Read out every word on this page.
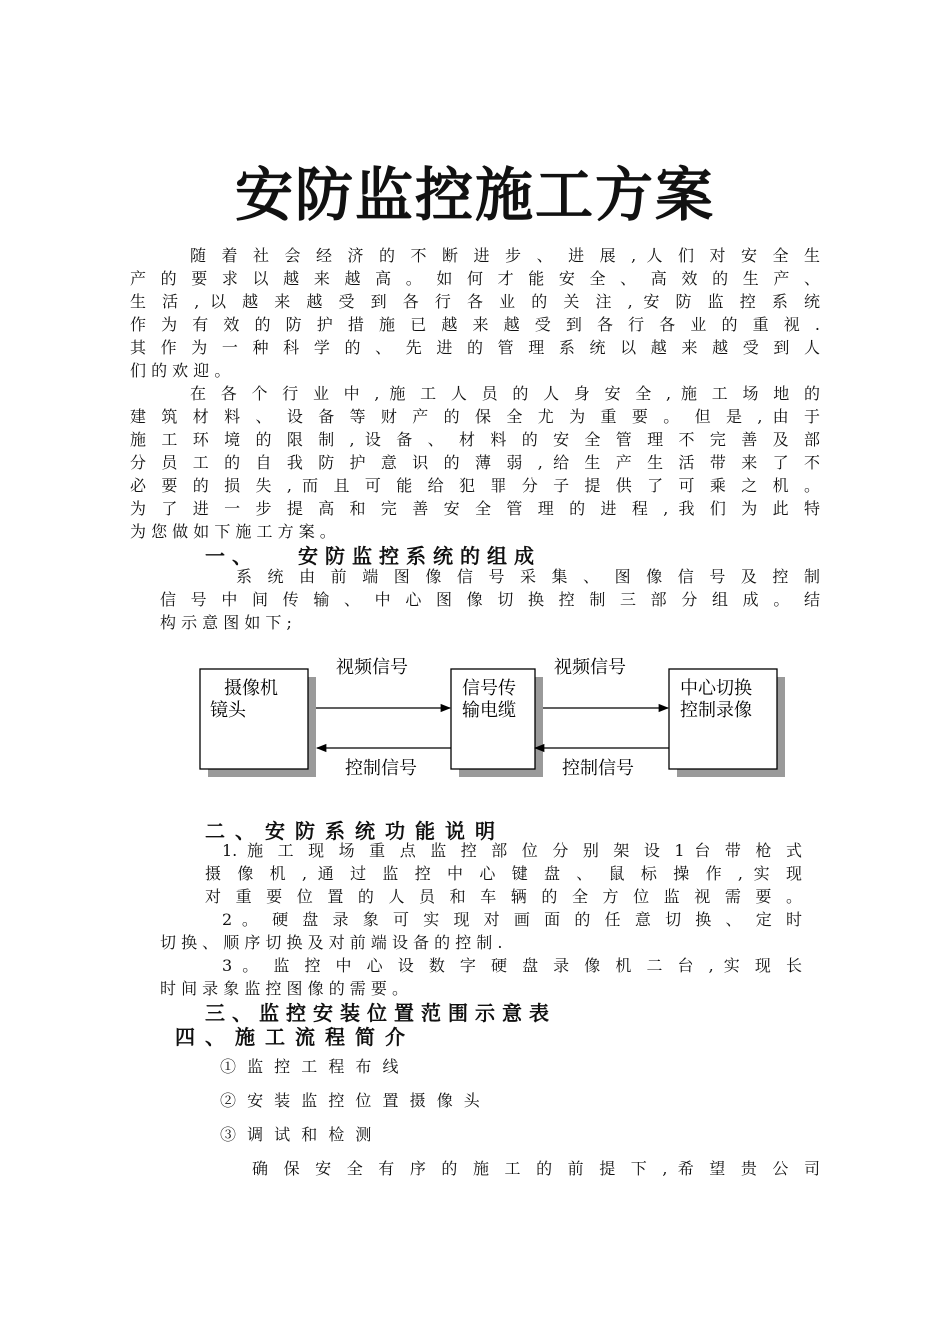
安防监控施工方案
随 着 社 会 经 济 的 不 断 进 步 、 进 展 , 人 们 对 安 全 生
产 的 要 求 以 越 来 越 高 。 如 何 才 能 安 全 、 高 效 的 生 产 、
生 活 , 以 越 来 越 受 到 各 行 各 业 的 关 注 , 安 防 监 控 系 统
作 为 有 效 的 防 护 措 施 已 越 来 越 受 到 各 行 各 业 的 重 视 .
其 作 为 一 种 科 学 的 、 先 进 的 管 理 系 统 以 越 来 越 受 到 人
们 的 欢 迎 。
在 各 个 行 业 中 , 施 工 人 员 的 人 身 安 全 , 施 工 场 地 的
建 筑 材 料 、 设 备 等 财 产 的 保 全 尤 为 重 要 。 但 是 , 由 于
施 工 环 境 的 限 制 , 设 备 、 材 料 的 安 全 管 理 不 完 善 及 部
分 员 工 的 自 我 防 护 意 识 的 薄 弱 , 给 生 产 生 活 带 来 了 不
必 要 的 损 失 , 而 且 可 能 给 犯 罪 分 子 提 供 了 可 乘 之 机 。
为 了 进 一 步 提 高 和 完 善 安 全 管 理 的 进 程 , 我 们 为 此 特
为 您 做 如 下 施 工 方 案 。
一、 安防监控系统的组成
系 统 由 前 端 图 像 信 号 采 集 、 图 像 信 号 及 控 制
信 号 中 间 传 输 、 中 心 图 像 切 换 控 制 三 部 分 组 成 。 结
构 示 意 图 如 下 ;
摄像机
镜头
信号传
输电缆
中心切换
控制录像
视频信号	视频信号
控制信号	控制信号
二、安防系统功能说明
1. 施 工 现 场 重 点 监 控 部 位 分 别 架 设 1 台 带 枪 式
摄 像 机 , 通 过 监 控 中 心 键 盘 、 鼠 标 操 作 , 实 现
对 重 要 位 置 的 人 员 和 车 辆 的 全 方 位 监 视 需 要 。
2 。 硬 盘 录 象 可 实 现 对 画 面 的 任 意 切 换 、 定 时
切 换 、 顺 序 切 换 及 对 前 端 设 备 的 控 制 .
3 。 监 控 中 心 设 数 字 硬 盘 录 像 机 二 台 , 实 现 长
时 间 录 象 监 控 图 像 的 需 要 。
三、监控安装位置范围示意表
四、施工流程简介
① 监 控 工 程 布 线
② 安 装 监 控 位 置 摄 像 头
③ 调 试 和 检 测
确 保 安 全 有 序 的 施 工 的 前 提 下 , 希 望 贵 公 司
